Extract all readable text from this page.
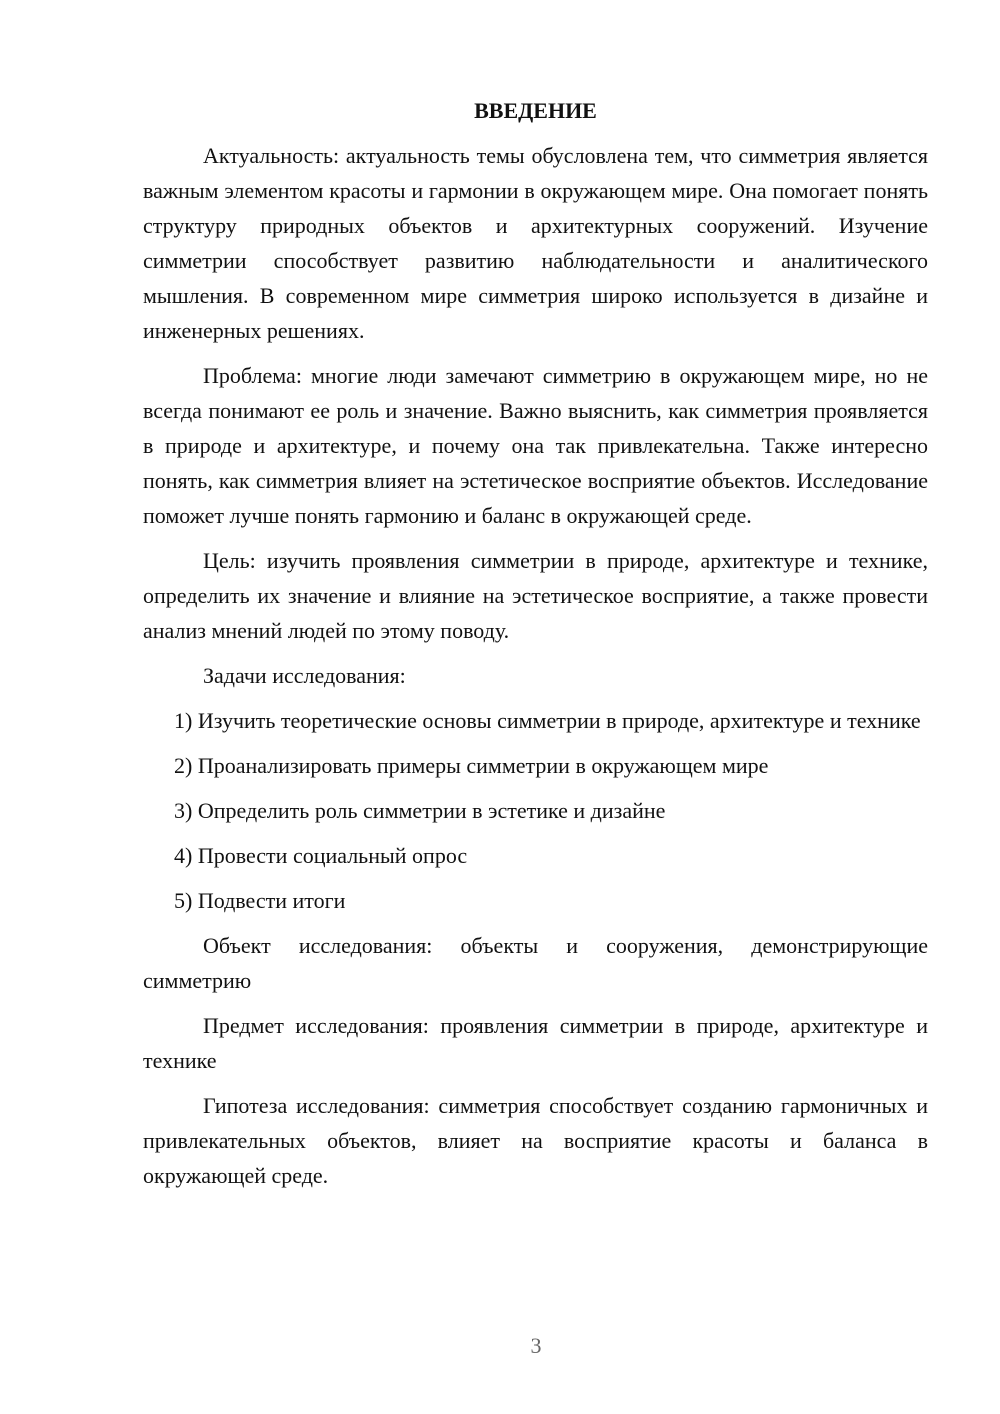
ВВЕДЕНИЕ

Актуальность: актуальность темы обусловлена тем, что симметрия является важным элементом красоты и гармонии в окружающем мире. Она помогает понять структуру природных объектов и архитектурных сооружений. Изучение симметрии способствует развитию наблюдательности и аналитического мышления. В современном мире симметрия широко используется в дизайне и инженерных решениях.

Проблема: многие люди замечают симметрию в окружающем мире, но не всегда понимают ее роль и значение. Важно выяснить, как симметрия проявляется в природе и архитектуре, и почему она так привлекательна. Также интересно понять, как симметрия влияет на эстетическое восприятие объектов. Исследование поможет лучше понять гармонию и баланс в окружающей среде.

Цель: изучить проявления симметрии в природе, архитектуре и технике, определить их значение и влияние на эстетическое восприятие, а также провести анализ мнений людей по этому поводу.

Задачи исследования:

1) Изучить теоретические основы симметрии в природе, архитектуре и технике

2) Проанализировать примеры симметрии в окружающем мире

3) Определить роль симметрии в эстетике и дизайне

4) Провести социальный опрос

5) Подвести итоги

Объект исследования: объекты и сооружения, демонстрирующие симметрию

Предмет исследования: проявления симметрии в природе, архитектуре и технике

Гипотеза исследования: симметрия способствует созданию гармоничных и привлекательных объектов, влияет на восприятие красоты и баланса в окружающей среде.

3
